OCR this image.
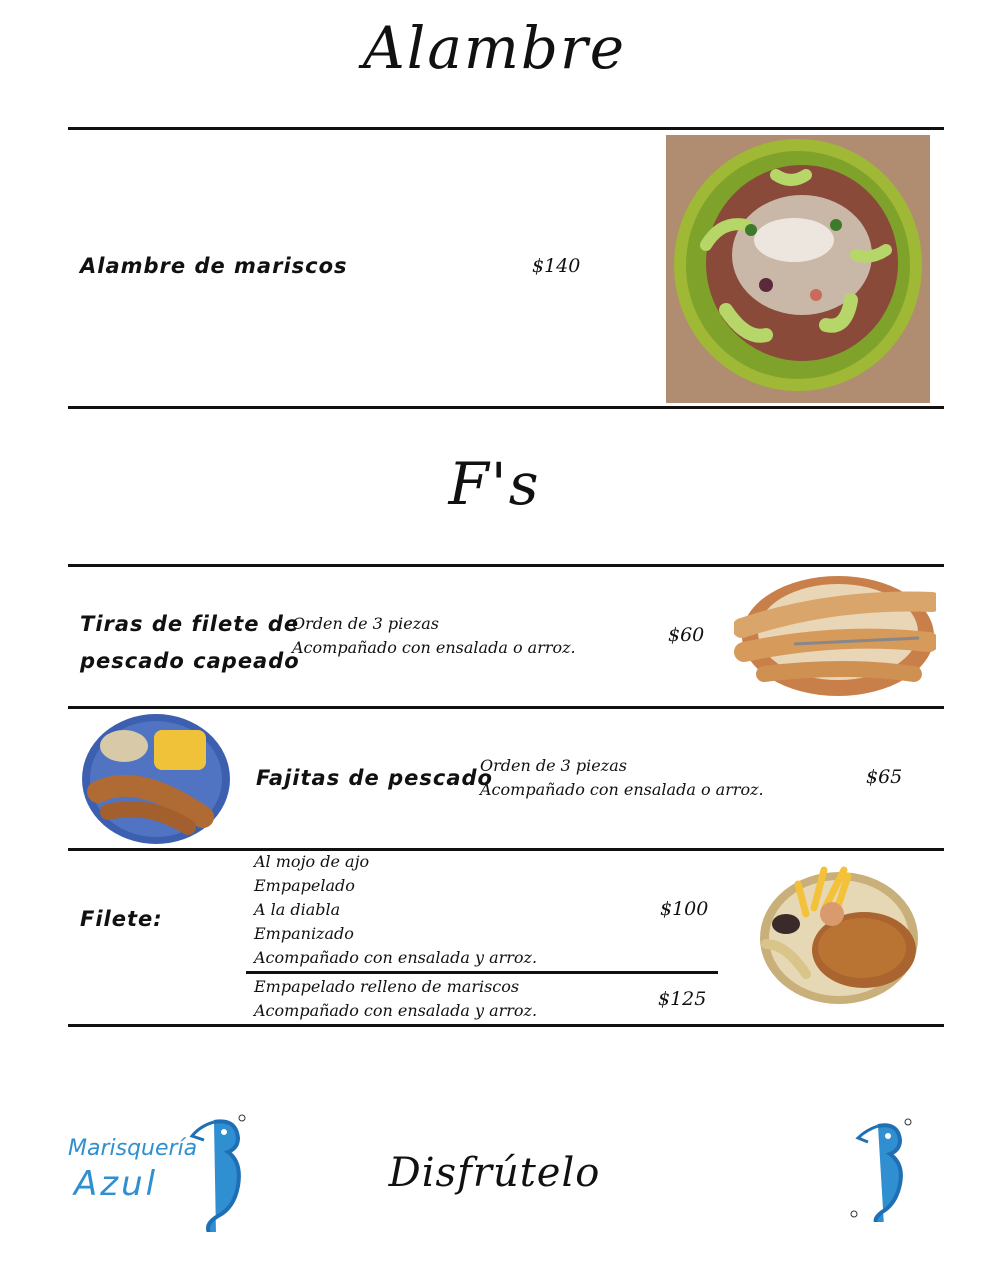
Alambre
Alambre de mariscos	$140
F's
Tiras de filete de
pescado capeado
Orden de 3 piezas
Acompañado con ensalada o arroz.
$60
Fajitas de pescado
Orden de 3 piezas
Acompañado con ensalada o arroz.
$65
Filete:
Al mojo de ajo
Empapelado
A la diabla
Empanizado
Acompañado con ensalada y arroz.
$100
Empapelado relleno de mariscos
Acompañado con ensalada y arroz.
$125
Marisquería
Azul	Disfrútelo
